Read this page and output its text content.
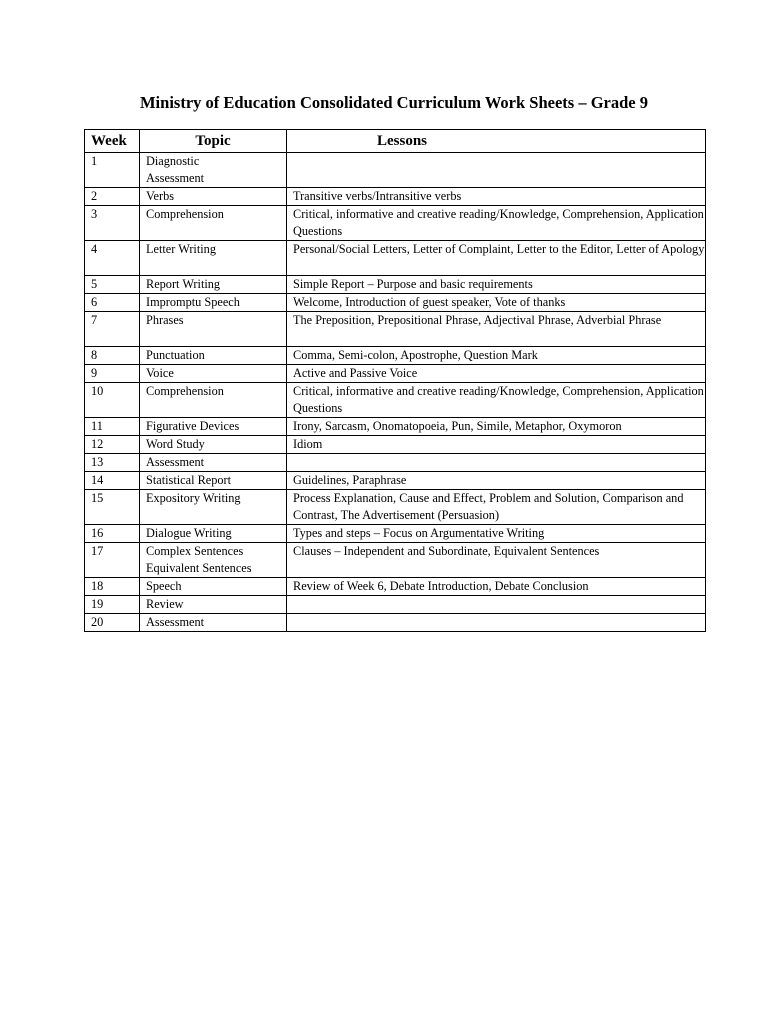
Ministry of Education Consolidated Curriculum Work Sheets – Grade 9
Week	Topic	Lessons
1	Diagnostic Assessment	
2	Verbs	Transitive verbs/Intransitive verbs
3	Comprehension	Critical, informative and creative reading/Knowledge, Comprehension, Application Questions
4	Letter Writing	Personal/Social Letters, Letter of Complaint, Letter to the Editor, Letter of Apology
5	Report Writing	Simple Report – Purpose and basic requirements
6	Impromptu Speech	Welcome, Introduction of guest speaker, Vote of thanks
7	Phrases	The Preposition, Prepositional Phrase, Adjectival Phrase, Adverbial Phrase
8	Punctuation	Comma, Semi-colon, Apostrophe, Question Mark
9	Voice	Active and Passive Voice
10	Comprehension	Critical, informative and creative reading/Knowledge, Comprehension, Application Questions
11	Figurative Devices	Irony, Sarcasm, Onomatopoeia, Pun, Simile, Metaphor, Oxymoron
12	Word Study	Idiom
13	Assessment	
14	Statistical Report	Guidelines, Paraphrase
15	Expository Writing	Process Explanation, Cause and Effect, Problem and Solution, Comparison and Contrast, The Advertisement (Persuasion)
16	Dialogue Writing	Types and steps – Focus on Argumentative Writing
17	Complex Sentences Equivalent Sentences	Clauses – Independent and Subordinate, Equivalent Sentences
18	Speech	Review of Week 6, Debate Introduction, Debate Conclusion
19	Review	
20	Assessment	
